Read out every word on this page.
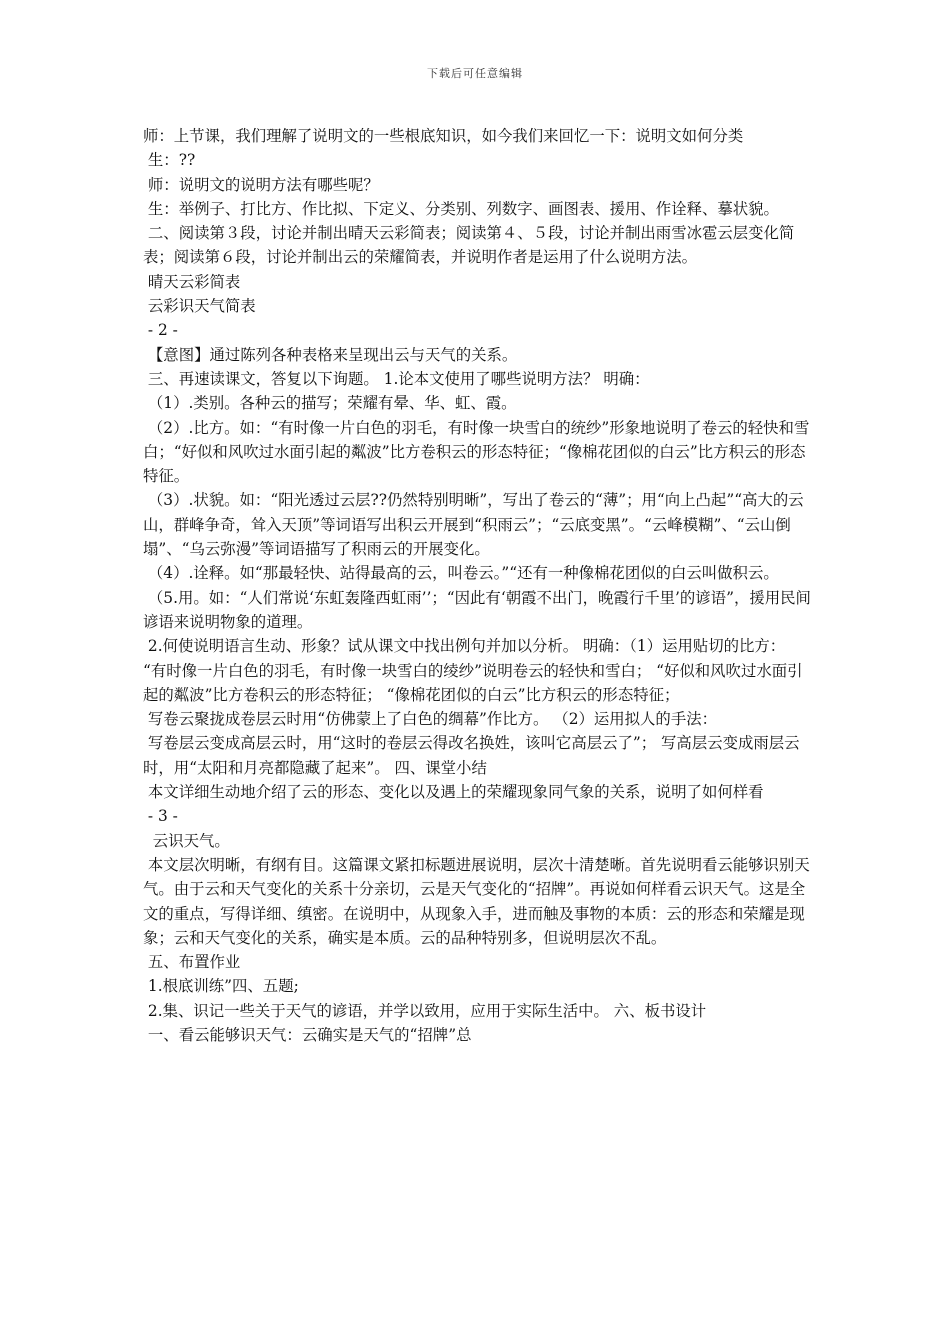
下载后可任意编辑

师：上节课，我们理解了说明文的一些根底知识，如今我们来回忆一下：说明文如何分类

生：??

师：说明文的说明方法有哪些呢？

生：举例子、打比方、作比拟、下定义、分类别、列数字、画图表、援用、作诠释、摹状貌。

二、阅读第３段，讨论并制出晴天云彩简表；阅读第４、５段，讨论并制出雨雪冰雹云层变化简表；阅读第６段，讨论并制出云的荣耀简表，并说明作者是运用了什么说明方法。

晴天云彩简表

云彩识天气简表

- 2 -

【意图】通过陈列各种表格来呈现出云与天气的关系。

三、再速读课文，答复以下询题。 1.论本文使用了哪些说明方法？ 明确：

（1）.类别。各种云的描写；荣耀有晕、华、虹、霞。

（2）.比方。如：“有时像一片白色的羽毛，有时像一块雪白的统纱”形象地说明了卷云的轻快和雪白；“好似和风吹过水面引起的粼波”比方卷积云的形态特征；“像棉花团似的白云”比方积云的形态特征。

（3）.状貌。如：“阳光透过云层??仍然特别明晰”，写出了卷云的“薄”；用“向上凸起”“高大的云山，群峰争奇，耸入天顶”等词语写出积云开展到“积雨云”；“云底变黑”。“云峰模糊”、“云山倒塌”、“乌云弥漫”等词语描写了积雨云的开展变化。

（4）.诠释。如“那最轻快、站得最高的云，叫卷云。”“还有一种像棉花团似的白云叫做积云。

（5.用。如：“人们常说‘东虹轰隆西虹雨’’；“因此有‘朝霞不出门，晚霞行千里’的谚语”，援用民间谚语来说明物象的道理。

2.何使说明语言生动、形象？试从课文中找出例句并加以分析。 明确：（1）运用贴切的比方：

“有时像一片白色的羽毛，有时像一块雪白的绫纱”说明卷云的轻快和雪白； “好似和风吹过水面引起的粼波”比方卷积云的形态特征； “像棉花团似的白云”比方积云的形态特征；

写卷云聚拢成卷层云时用“仿佛蒙上了白色的绸幕”作比方。 （2）运用拟人的手法：

写卷层云变成高层云时，用“这时的卷层云得改名换姓，该叫它高层云了”； 写高层云变成雨层云时，用“太阳和月亮都隐藏了起来”。 四、课堂小结

本文详细生动地介绍了云的形态、变化以及遇上的荣耀现象同气象的关系，说明了如何样看

- 3 -

云识天气。

本文层次明晰，有纲有目。这篇课文紧扣标题进展说明，层次十清楚晰。首先说明看云能够识别天气。由于云和天气变化的关系十分亲切，云是天气变化的“招牌”。再说如何样看云识天气。这是全文的重点，写得详细、缜密。在说明中，从现象入手，进而触及事物的本质：云的形态和荣耀是现象；云和天气变化的关系，确实是本质。云的品种特别多，但说明层次不乱。

五、布置作业

1.根底训练”四、五题;

2.集、识记一些关于天气的谚语，并学以致用，应用于实际生活中。 六、板书设计

一、看云能够识天气：云确实是天气的“招牌”总
